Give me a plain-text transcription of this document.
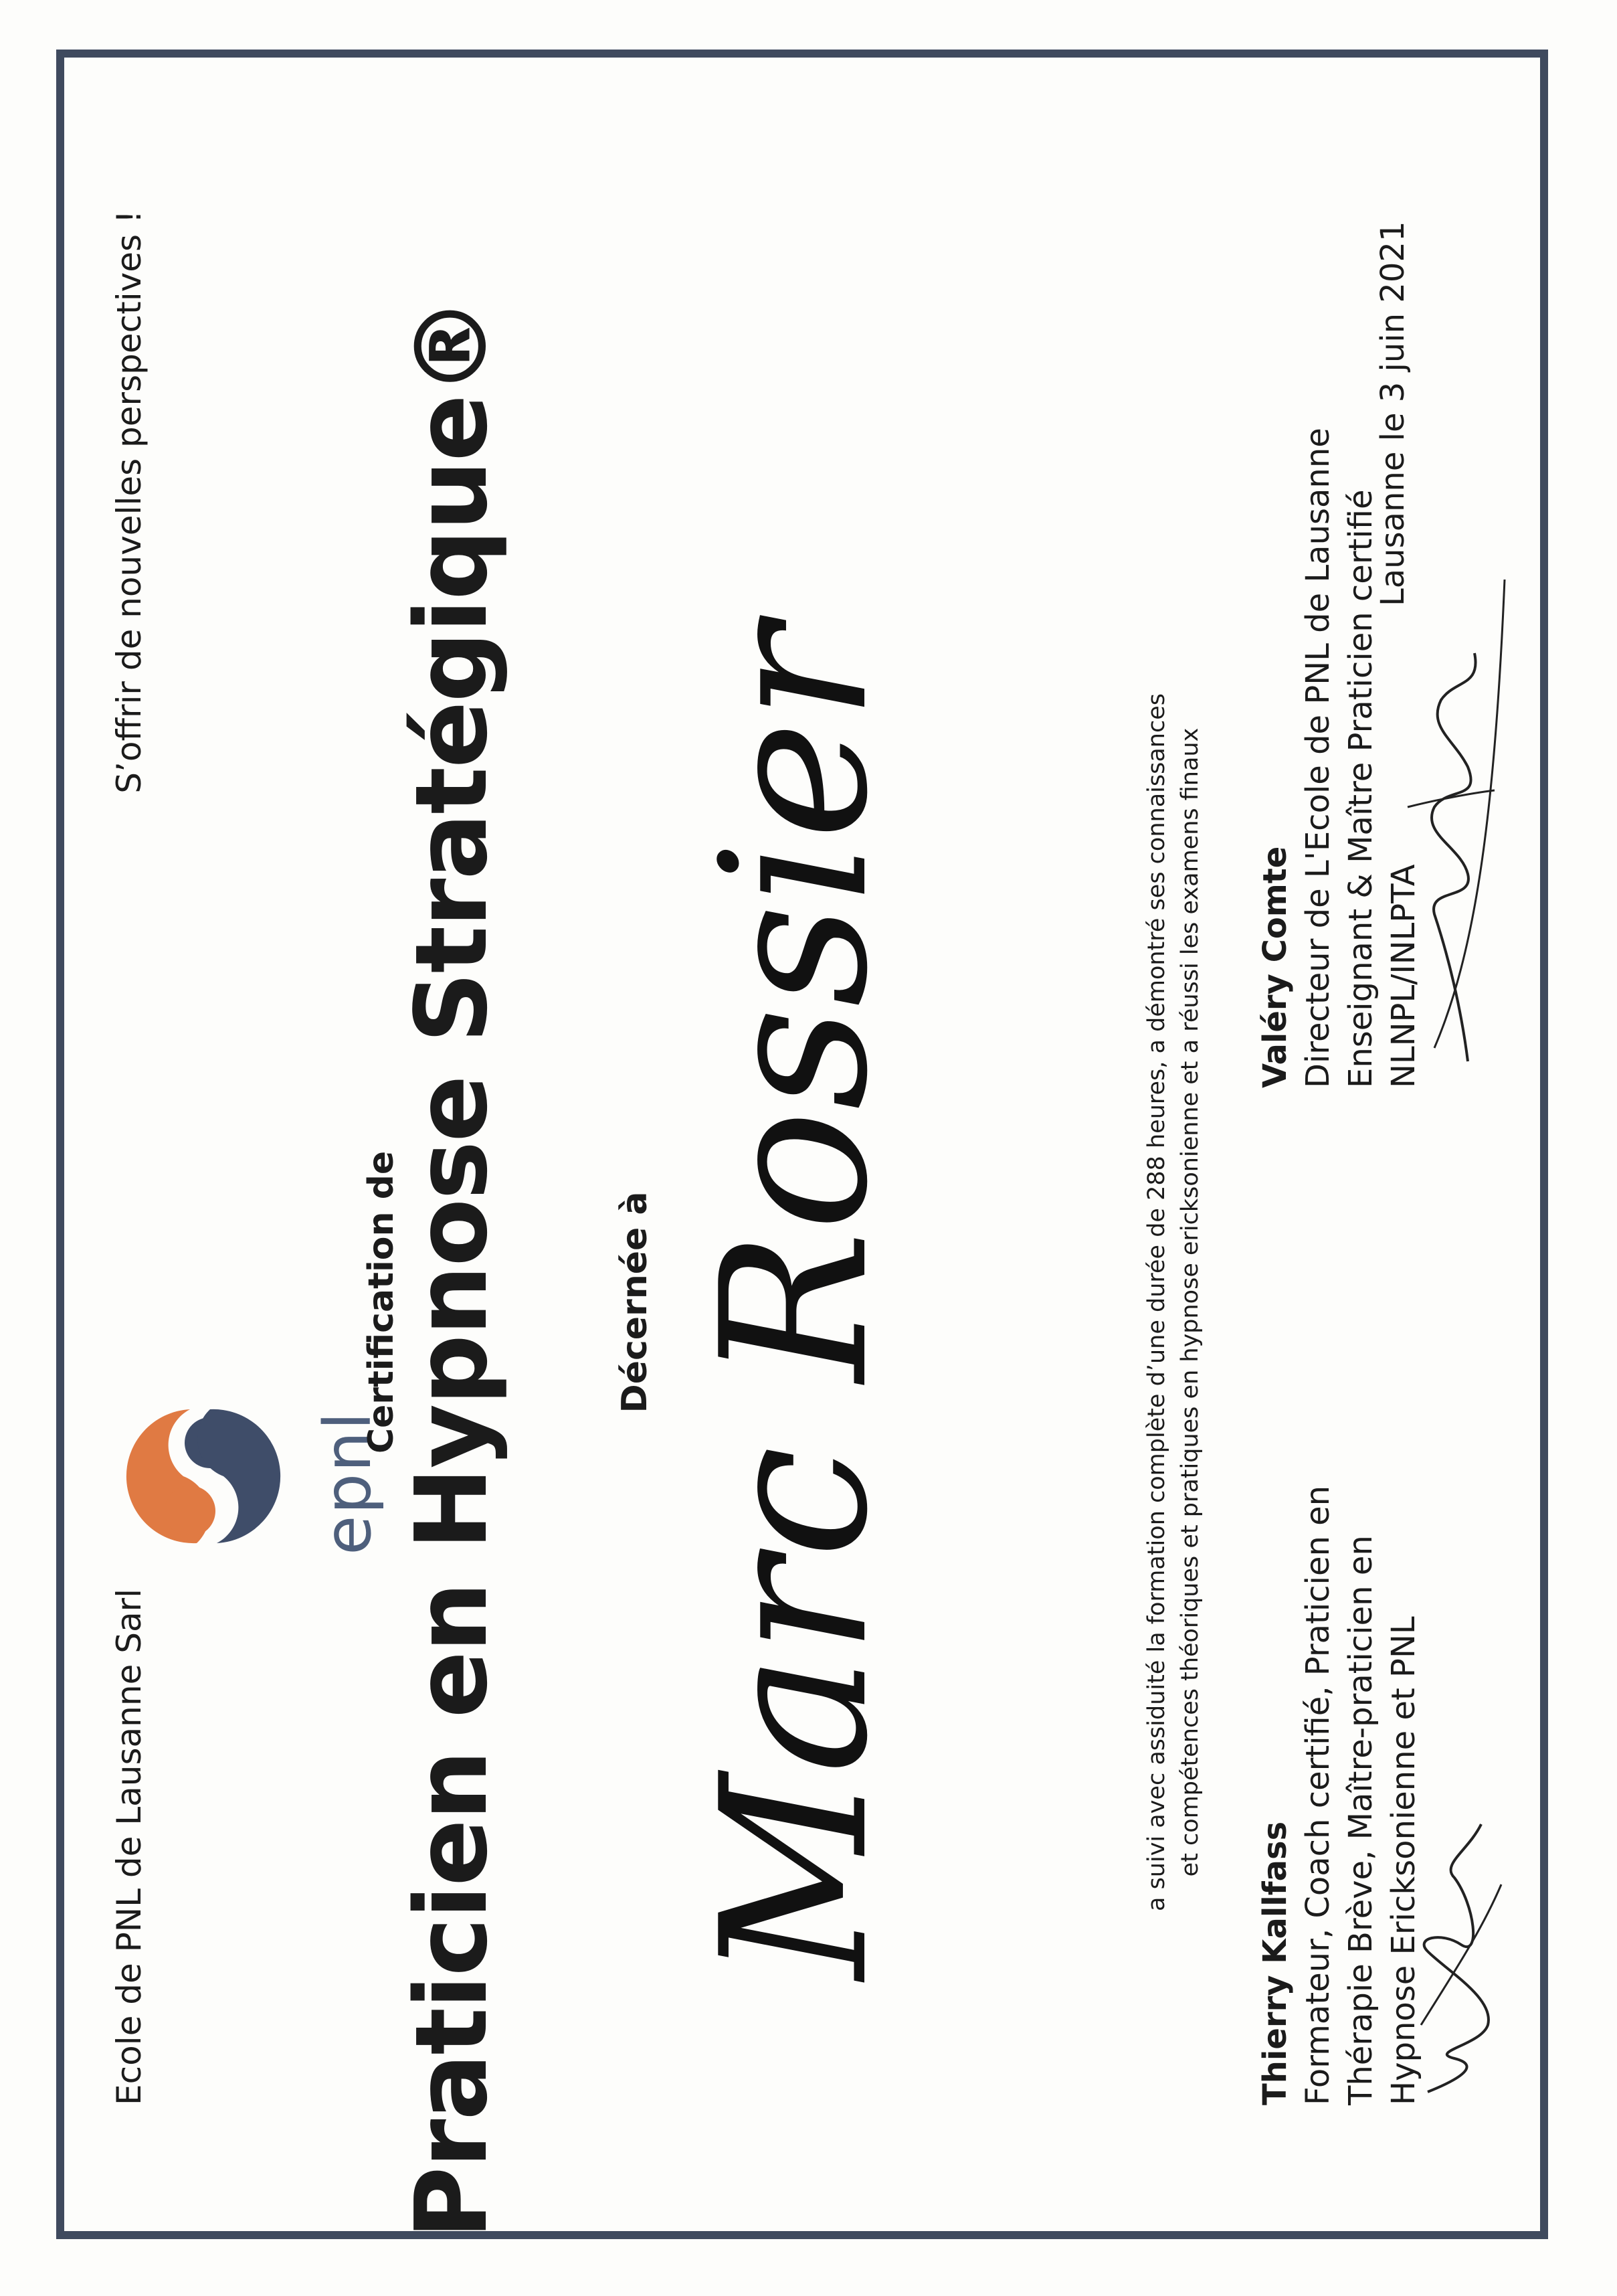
Ecole de PNL de Lausanne Sarl
S’offrir de nouvelles perspectives !
epnl
Certification de
Praticien en Hypnose Stratégique®	Décernée à Marc Rossier	a suivi avec assiduité la formation complète d’une durée de 288 heures, a démontré ses connaissances et compétences théoriques et pratiques en hypnose ericksonienne et a réussi les examens finaux
Thierry Kallfass Formateur, Coach certifié, Praticien en Thérapie Brève, Maître-praticien en Hypnose Ericksonienne et PNL
Valéry Comte Directeur de L'Ecole de PNL de Lausanne Enseignant & Maître Praticien certifié NLNPL/INLPTA
Lausanne le 3 juin 2021
